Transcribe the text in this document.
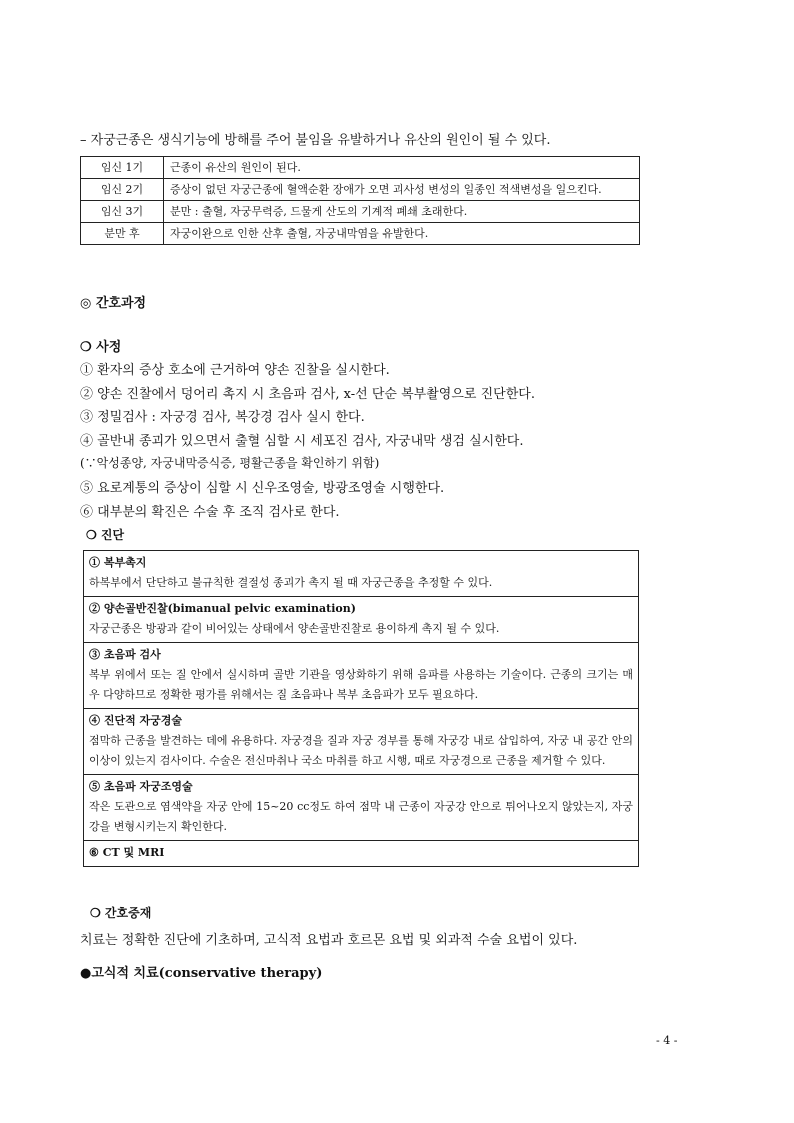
– 자궁근종은 생식기능에 방해를 주어 불임을 유발하거나 유산의 원인이 될 수 있다.
임신 1기	근종이 유산의 원인이 된다.
임신 2기	증상이 없던 자궁근종에 혈액순환 장애가 오면 괴사성 변성의 일종인 적색변성을 일으킨다.
임신 3기	분만 : 출혈, 자궁무력증, 드물게 산도의 기계적 폐쇄 초래한다.
분만 후	자궁이완으로 인한 산후 출혈, 자궁내막염을 유발한다.
◎ 간호과정
❍ 사정
① 환자의 증상 호소에 근거하여 양손 진찰을 실시한다.
② 양손 진찰에서 덩어리 촉지 시 초음파 검사, x-선 단순 복부촬영으로 진단한다.
③ 정밀검사 : 자궁경 검사, 복강경 검사 실시 한다.
④ 골반내 종괴가 있으면서 출혈 심할 시 세포진 검사, 자궁내막 생검 실시한다.
(∵악성종양, 자궁내막증식증, 평활근종을 확인하기 위함)
⑤ 요로계통의 증상이 심할 시 신우조영술, 방광조영술 시행한다.
⑥ 대부분의 확진은 수술 후 조직 검사로 한다.
❍ 진단
① 복부촉지
하복부에서 단단하고 불규칙한 결절성 종괴가 촉지 될 때 자궁근종을 추정할 수 있다.
② 양손골반진찰(bimanual pelvic examination)
자궁근종은 방광과 같이 비어있는 상태에서 양손골반진찰로 용이하게 촉지 될 수 있다.
③ 초음파 검사
복부 위에서 또는 질 안에서 실시하며 골반 기관을 영상화하기 위해 음파를 사용하는 기술이다. 근종의 크기는 매우 다양하므로 정확한 평가를 위해서는 질 초음파나 복부 초음파가 모두 필요하다.
④ 진단적 자궁경술
점막하 근종을 발견하는 데에 유용하다. 자궁경을 질과 자궁 경부를 통해 자궁강 내로 삽입하여, 자궁 내 공간 안의 이상이 있는지 검사이다. 수술은 전신마취나 국소 마취를 하고 시행, 때로 자궁경으로 근종을 제거할 수 있다.
⑤ 초음파 자궁조영술
작은 도관으로 염색약을 자궁 안에 15~20 cc정도 하여 점막 내 근종이 자궁강 안으로 튀어나오지 않았는지, 자궁강을 변형시키는지 확인한다.
⑥ CT 및 MRI
❍ 간호중재
치료는 정확한 진단에 기초하며, 고식적 요법과 호르몬 요법 및 외과적 수술 요법이 있다.
●고식적 치료(conservative therapy)
- 4 -
